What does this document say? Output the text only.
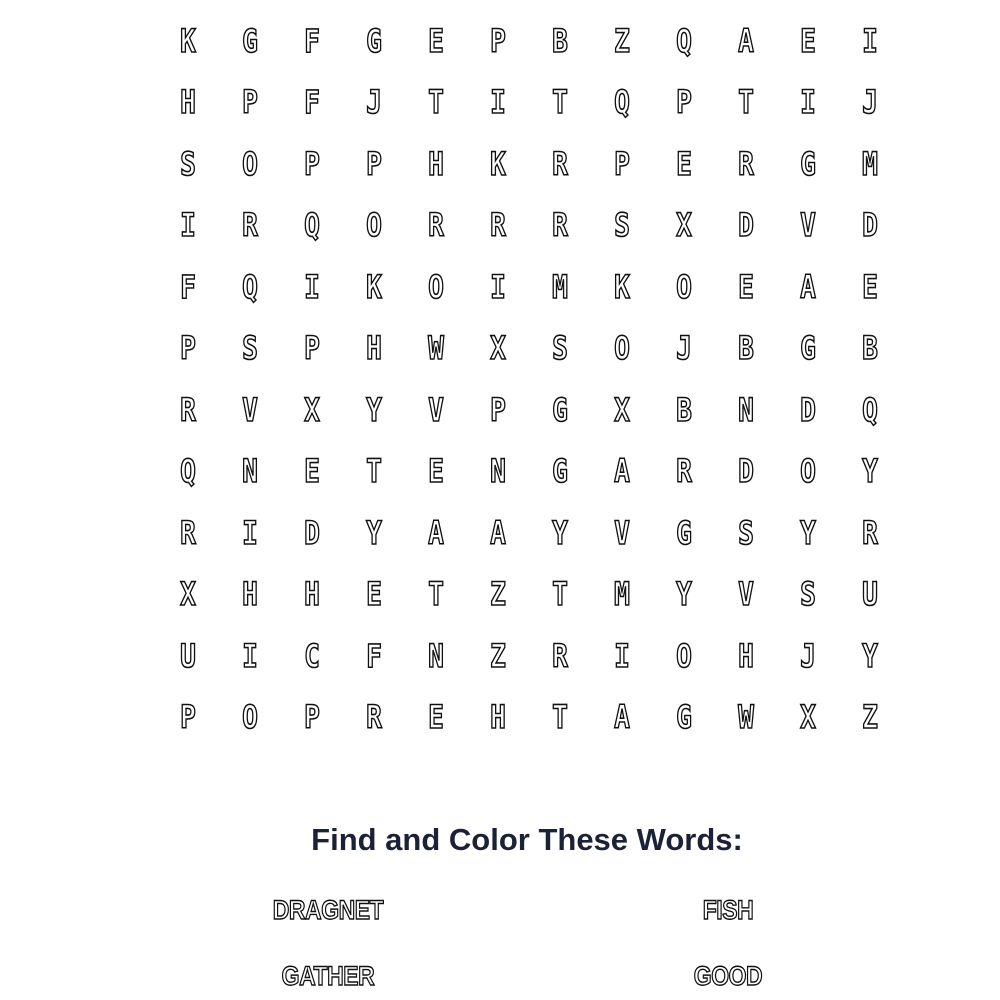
K	G	F	G	E	P	B	Z	Q	A	E	I
H	P	F	J	T	I	T	Q	P	T	I	J
S	O	P	P	H	K	R	P	E	R	G	M
I	R	Q	O	R	R	R	S	X	D	V	D
F	Q	I	K	O	I	M	K	O	E	A	E
P	S	P	H	W	X	S	O	J	B	G	B
R	V	X	Y	V	P	G	X	B	N	D	Q
Q	N	E	T	E	N	G	A	R	D	O	Y
R	I	D	Y	A	A	Y	V	G	S	Y	R
X	H	H	E	T	Z	T	M	Y	V	S	U
U	I	C	F	N	Z	R	I	O	H	J	Y
P	O	P	R	E	H	T	A	G	W	X	Z
Find and Color These Words:
DRAGNET	FISH
GATHER	GOOD
